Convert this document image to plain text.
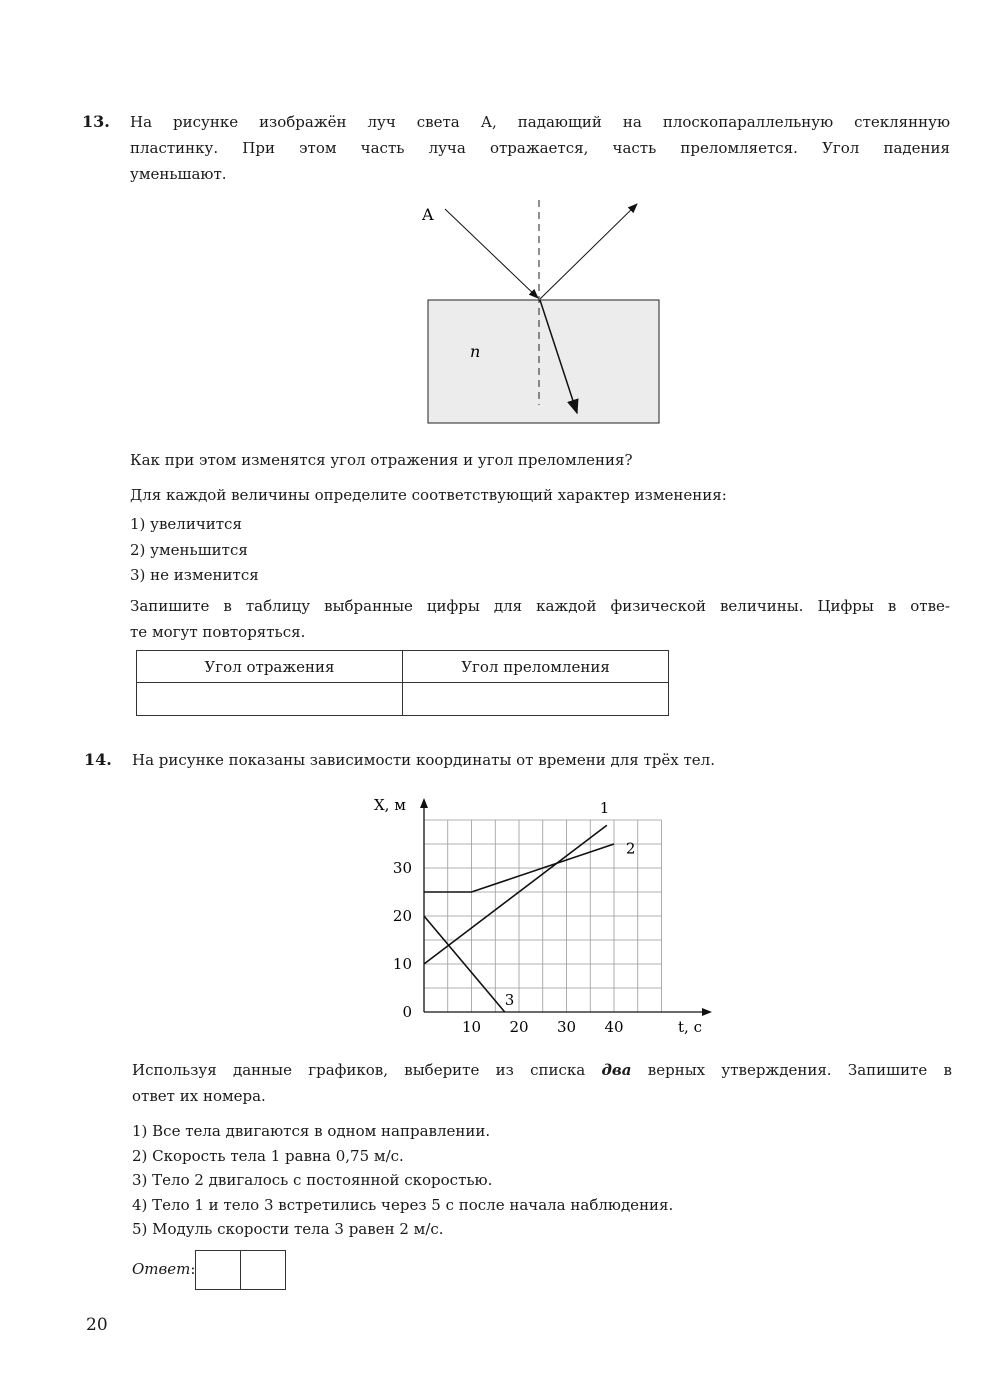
13. На рисунке изображён луч света А, падающий на плоскопараллельную стеклянную
пластинку. При этом часть луча отражается, часть преломляется. Угол падения
уменьшают.
A
n
Как при этом изменятся угол отражения и угол преломления?
Для каждой величины определите соответствующий характер изменения:
1) увеличится
2) уменьшится
3) не изменится
Запишите в таблицу выбранные цифры для каждой физической величины. Цифры в отве-
те могут повторяться.
Угол отражения	Угол преломления

14. На рисунке показаны зависимости координаты от времени для трёх тел.
10 20 30 40
0
10
20
30
t, с
X, м	1
2
3
Используя данные графиков, выберите из списка два верных утверждения. Запишите в
ответ их номера.
1) Все тела двигаются в одном направлении.
2) Скорость тела 1 равна 0,75 м/с.
3) Тело 2 двигалось с постоянной скоростью.
4) Тело 1 и тело 3 встретились через 5 с после начала наблюдения.
5) Модуль скорости тела 3 равен 2 м/с.
Ответ:
20
